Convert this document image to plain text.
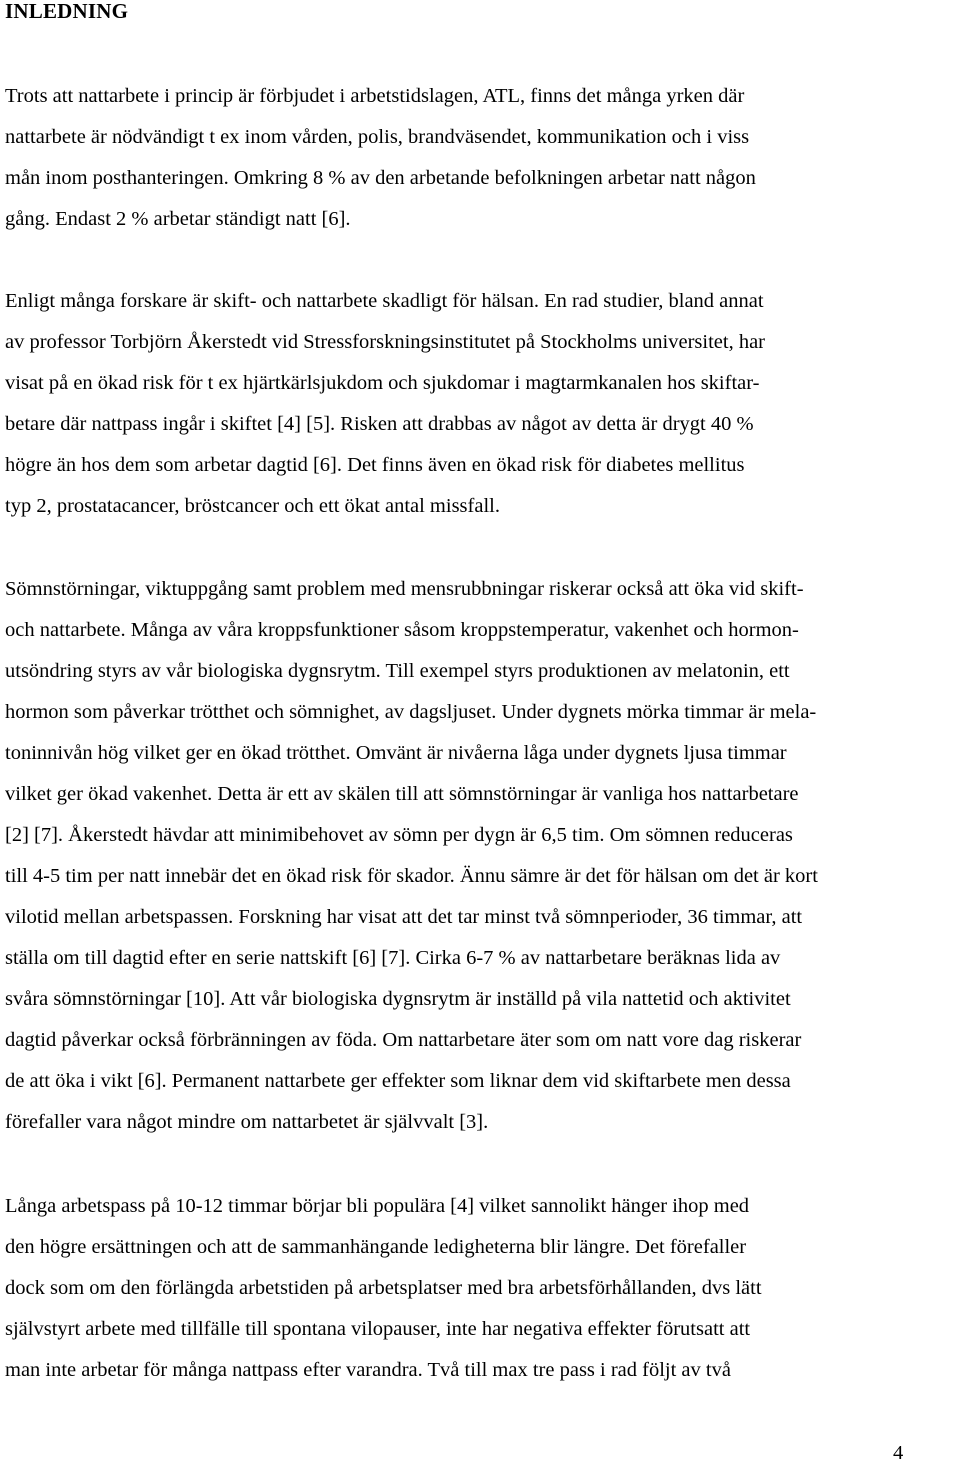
INLEDNING

Trots att nattarbete i princip är förbjudet i arbetstidslagen, ATL, finns det många yrken där

nattarbete är nödvändigt t ex inom vården, polis, brandväsendet, kommunikation och i viss

mån inom posthanteringen. Omkring 8 % av den arbetande befolkningen arbetar natt någon

gång. Endast 2 % arbetar ständigt natt [6].

Enligt många forskare är skift- och nattarbete skadligt för hälsan. En rad studier, bland annat

av professor Torbjörn Åkerstedt vid Stressforskningsinstitutet på Stockholms universitet, har

visat på en ökad risk för t ex hjärtkärlsjukdom och sjukdomar i magtarmkanalen hos skiftar-

betare där nattpass ingår i skiftet [4] [5]. Risken att drabbas av något av detta är drygt 40 %

högre än hos dem som arbetar dagtid [6]. Det finns även en ökad risk för diabetes mellitus

typ 2, prostatacancer, bröstcancer och ett ökat antal missfall.

Sömnstörningar, viktuppgång samt problem med mensrubbningar riskerar också att öka vid skift-

och nattarbete. Många av våra kroppsfunktioner såsom kroppstemperatur, vakenhet och hormon-

utsöndring styrs av vår biologiska dygnsrytm. Till exempel styrs produktionen av melatonin, ett

hormon som påverkar trötthet och sömnighet, av dagsljuset. Under dygnets mörka timmar är mela-

toninnivån hög vilket ger en ökad trötthet. Omvänt är nivåerna låga under dygnets ljusa timmar

vilket ger ökad vakenhet. Detta är ett av skälen till att sömnstörningar är vanliga hos nattarbetare

[2] [7]. Åkerstedt hävdar att minimibehovet av sömn per dygn är 6,5 tim. Om sömnen reduceras

till 4-5 tim per natt innebär det en ökad risk för skador. Ännu sämre är det för hälsan om det är kort

vilotid mellan arbetspassen. Forskning har visat att det tar minst två sömnperioder, 36 timmar, att

ställa om till dagtid efter en serie nattskift [6] [7]. Cirka 6-7 % av nattarbetare beräknas lida av

svåra sömnstörningar [10]. Att vår biologiska dygnsrytm är inställd på vila nattetid och aktivitet

dagtid påverkar också förbränningen av föda. Om nattarbetare äter som om natt vore dag riskerar

de att öka i vikt [6]. Permanent nattarbete ger effekter som liknar dem vid skiftarbete men dessa

förefaller vara något mindre om nattarbetet är självvalt [3].

Långa arbetspass på 10-12 timmar börjar bli populära [4] vilket sannolikt hänger ihop med

den högre ersättningen och att de sammanhängande ledigheterna blir längre. Det förefaller

dock som om den förlängda arbetstiden på arbetsplatser med bra arbetsförhållanden, dvs lätt

självstyrt arbete med tillfälle till spontana vilopauser, inte har negativa effekter förutsatt att

man inte arbetar för många nattpass efter varandra. Två till max tre pass i rad följt av två

4
